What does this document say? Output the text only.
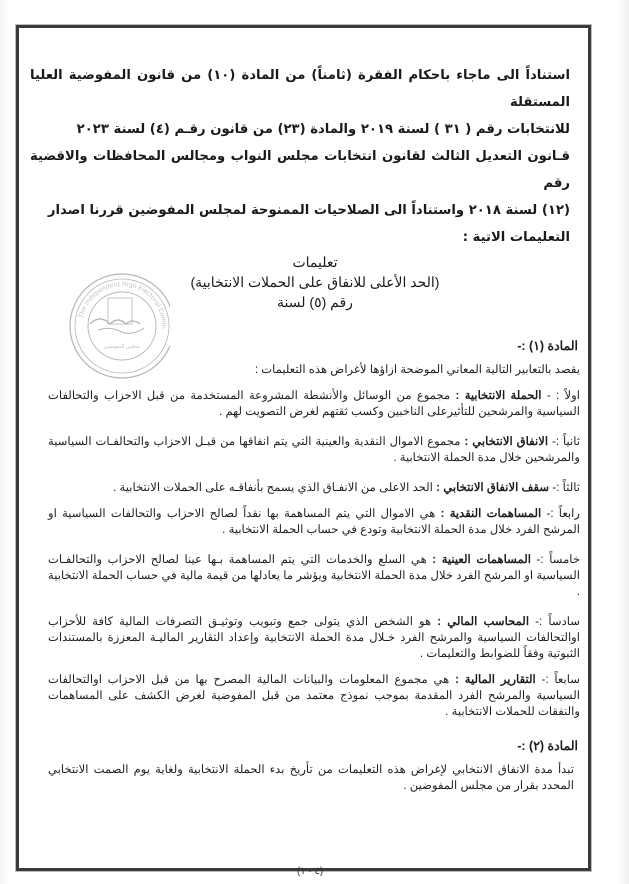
استناداً الى ماجاء باحكام الفقرة (ثامناً) من المادة (١٠) من قانون المفوضية العليا المستقلة

للانتخابات رقم ( ٣١ ) لسنة ٢٠١٩ والمادة (٢٣) من قانون رقـم (٤) لسنة ٢٠٢٣

قـانون التعديل الثالث لقانون انتخابات مجلس النواب ومجالس المحافظات والاقضية رقم

(١٢) لسنة ٢٠١٨ واستناداً الى الصلاحيات الممنوحة لمجلس المفوضين قررنا اصدار

التعليمات الاتية :

تعليمات
(الحد الأعلى للانفاق على الحملات الانتخابية)
رقم (٥) لسنة
The Independent High Electoral Comm
مجلس المفوضين	المادة (١) :-

يقصد بالتعابير التالية المعاني الموضحة ازاؤها لأغراض هذه التعليمات :

اولاً : - الحملة الانتخابية : مجموع من الوسائل والأنشطة المشروعة المستخدمة من قبل الاحزاب والتحالفات السياسية والمرشحين للتأثيرعلى الناخبين وكسب ثقتهم لغرض التصويت لهم .

ثانياً :- الانفاق الانتخابي : مجموع الاموال النقدية والعينية التي يتم انفاقها من قبـل الاحزاب والتحالفـات السياسية والمرشحين خلال مدة الحملة الانتخابية .

ثالثاً :- سقف الانفاق الانتخابي : الحد الاعلى من الانفـاق الذي يسمح بأنفاقـه على الحملات الانتخابية .

رابعاً :- المساهمات النقدية : هي الاموال التي يتم المساهمة بها نقداً لصالح الاحزاب والتحالفات السياسية او المرشح الفرد خلال مدة الحملة الانتخابية وتودع في حساب الحملة الانتخابية .

خامساً :- المساهمات العينية : هي السلع والخدمات التي يتم المساهمة بـها عينا لصالح الاحزاب والتحالفـات السياسية او المرشح الفرد خلال مدة الحملة الانتخابية ويؤشر ما يعادلها من قيمة مالية في حساب الحملة الانتخابية .

سادساً :- المحاسب المالي : هو الشخص الذي يتولى جمع وتبويب وتوثيـق التصرفات المالية كافة للأحزاب اوالتحالفات السياسية والمرشح الفرد خـلال مدة الحملة الانتخابية وإعداد التقارير الماليـة المعززة بالمستندات الثبوتية وفقاً للضوابط والتعليمات .

سابعاً :- التقارير المالية : هي مجموع المعلومات والبيانات المالية المصرح بها من قبل الاحزاب اوالتحالفات السياسية والمرشح الفرد المقدمة بموجب نموذج معتمد من قبل المفوضية لغرض الكشف على المساهمات والنفقات للحملات الانتخابية .

المادة (٢) :-

تبدأ مدة الانفاق الانتخابي لإغراض هذه التعليمات من تأريخ بدء الحملة الانتخابية ولغاية يوم الصمت الانتخابي المحدد بقرار من مجلس المفوضين .

(٤ - ١)
